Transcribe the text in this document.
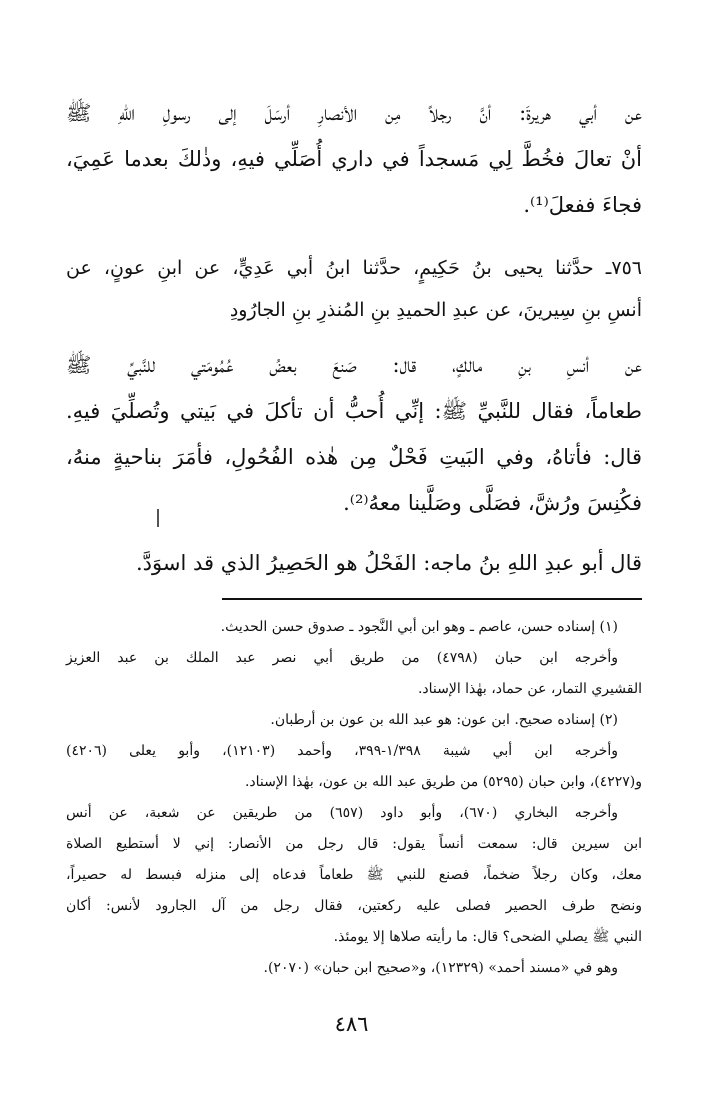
عن أبي هريرةَ: أنَّ رجلاً مِن الأنصارِ أرسَلَ إلى رسولِ اللهِ ﷺ
أنْ تعالَ فخُطَّ لِي مَسجداً في داري أُصَلِّي فيهِ، وذٰلكَ بعدما عَمِيَ،
فجاءَ ففعلَ⁽¹⁾.
٧٥٦ـ حدَّثنا يحيى بنُ حَكِيمٍ، حدَّثنا ابنُ أبي عَدِيٍّ، عن ابنِ عونٍ، عن
أنسِ بنِ سِيرينَ، عن عبدِ الحميدِ بنِ المُنذرِ بنِ الجارُودِ
عن أنسِ بنِ مالكٍ، قال: صَنعَ بعضُ عُمُومَتي للنَّبيِّ ﷺ
طعاماً، فقال للنَّبيِّ ﷺ: إنِّي أُحبُّ أن تأكلَ في بَيتي وتُصلِّيَ فيهِ.
قال: فأتاهُ، وفي البَيتِ فَحْلٌ مِن هٰذه الفُحُولِ، فأمَرَ بناحيةٍ منهُ،
فكُنِسَ ورُشَّ، فصَلَّى وصَلَّينا معهُ⁽²⁾.
قال أبو عبدِ اللهِ بنُ ماجه: الفَحْلُ هو الحَصِيرُ الذي قد اسوَدَّ.
(١) إسناده حسن، عاصم ـ وهو ابن أبي النَّجود ـ صدوق حسن الحديث.
وأخرجه ابن حبان (٤٧٩٨) من طريق أبي نصر عبد الملك بن عبد العزيز
القشيري التمار، عن حماد، بهٰذا الإسناد.
(٢) إسناده صحيح. ابن عون: هو عبد الله بن عون بن أرطبان.
وأخرجه ابن أبي شيبة ١/٣٩٨-٣٩٩، وأحمد (١٢١٠٣)، وأبو يعلى (٤٢٠٦)
و(٤٢٢٧)، وابن حبان (٥٢٩٥) من طريق عبد الله بن عون، بهٰذا الإسناد.
وأخرجه البخاري (٦٧٠)، وأبو داود (٦٥٧) من طريقين عن شعبة، عن أنس
ابن سيرين قال: سمعت أنساً يقول: قال رجل من الأنصار: إني لا أستطيع الصلاة
معك، وكان رجلاً ضخماً، فصنع للنبي ﷺ طعاماً فدعاه إلى منزله فبسط له حصيراً،
ونضح طرف الحصير فصلى عليه ركعتين، فقال رجل من آل الجارود لأنس: أكان
النبي ﷺ يصلي الضحى؟ قال: ما رأيته صلاها إلا يومئذ.
وهو في «مسند أحمد» (١٢٣٢٩)، و«صحيح ابن حبان» (٢٠٧٠).
٤٨٦
